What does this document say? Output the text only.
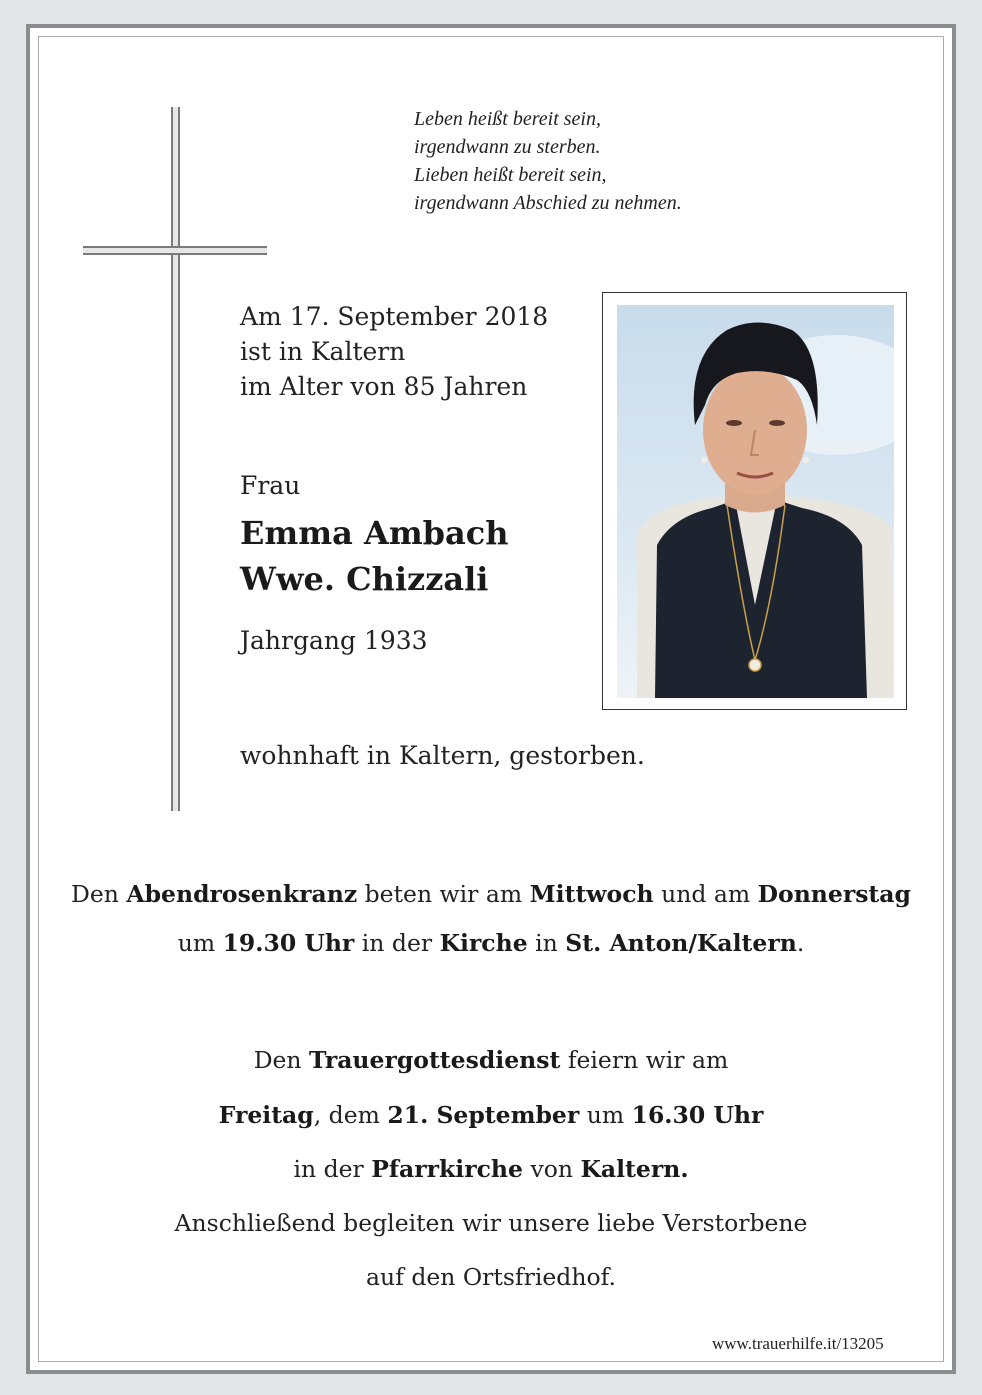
Leben heißt bereit sein,
irgendwann zu sterben.
Lieben heißt bereit sein,
irgendwann Abschied zu nehmen.
Am 17. September 2018
ist in Kaltern
im Alter von 85 Jahren
Frau
Emma Ambach
Wwe. Chizzali
Jahrgang 1933
wohnhaft in Kaltern, gestorben.
Den Abendrosenkranz beten wir am Mittwoch und am Donnerstag
um 19.30 Uhr in der Kirche in St. Anton/Kaltern.
Den Trauergottesdienst feiern wir am
Freitag, dem 21. September um 16.30 Uhr
in der Pfarrkirche von Kaltern.
Anschließend begleiten wir unsere liebe Verstorbene
auf den Ortsfriedhof.
www.trauerhilfe.it/13205
